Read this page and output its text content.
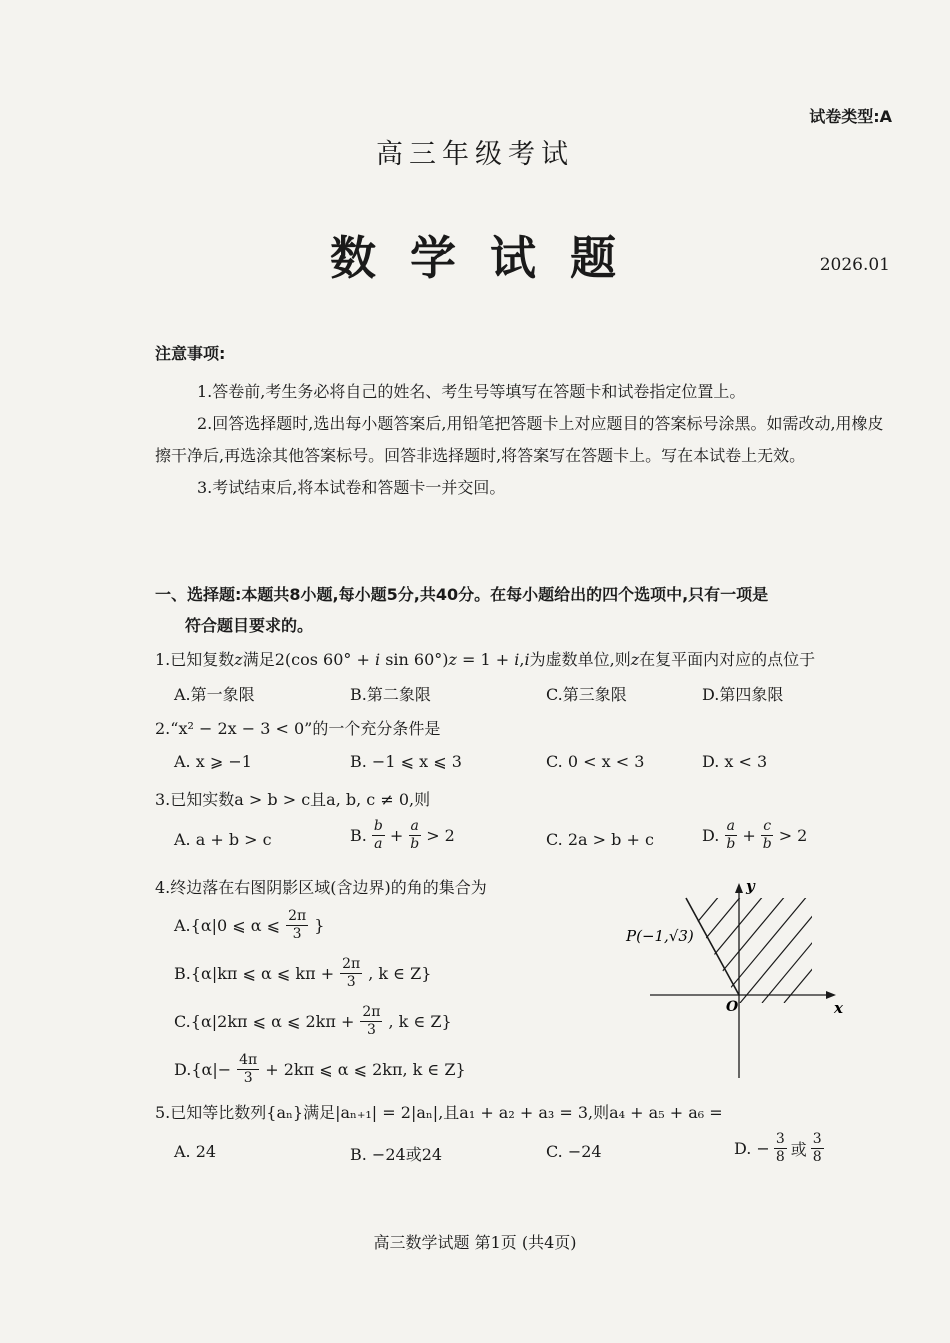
试卷类型:A
高三年级考试
数学试题	2026.01
注意事项:
1.答卷前,考生务必将自己的姓名、考生号等填写在答题卡和试卷指定位置上。
2.回答选择题时,选出每小题答案后,用铅笔把答题卡上对应题目的答案标号涂黑。如需改动,用橡皮擦干净后,再选涂其他答案标号。回答非选择题时,将答案写在答题卡上。写在本试卷上无效。
3.考试结束后,将本试卷和答题卡一并交回。
一、选择题:本题共8小题,每小题5分,共40分。在每小题给出的四个选项中,只有一项是
符合题目要求的。
1.已知复数z满足2(cos 60° + i sin 60°)z = 1 + i,i为虚数单位,则z在复平面内对应的点位于
A.第一象限	B.第二象限	C.第三象限	D.第四象限
2.“x² − 2x − 3 < 0”的一个充分条件是
A. x ⩾ −1	B. −1 ⩽ x ⩽ 3	C. 0 < x < 3	D. x < 3
3.已知实数a > b > c且a, b, c ≠ 0,则
A. a + b > c	B. $\frac{b}{a} + \frac{a}{b} > 2$	C. 2a > b + c	D. $\frac{a}{b} + \frac{c}{b} > 2$
4.终边落在右图阴影区域(含边界)的角的集合为
A.{α|0 ⩽ α ⩽ $\frac{2\pi}{3}$ }
B.{α|kπ ⩽ α ⩽ $k\pi + \frac{2\pi}{3}$ , k ∈ Z}
C.{α|2kπ ⩽ α ⩽ $2k\pi + \frac{2\pi}{3}$ , k ∈ Z}
$D.\{\alpha|- \frac{4\pi}{3} + 2k\pi$ ⩽ α ⩽ 2kπ, k ∈ Z}
P(−1,√3)
O	x
y
5.已知等比数列{aₙ}满足|aₙ₊₁| = 2|aₙ|,且a₁ + a₂ + a₃ = 3,则a₄ + a₅ + a₆ =
A. 24	B. −24或24	C. −24	D. − $\frac{3}{8}$ 或 $\frac{3}{8}$
高三数学试题 第1页 (共4页)
